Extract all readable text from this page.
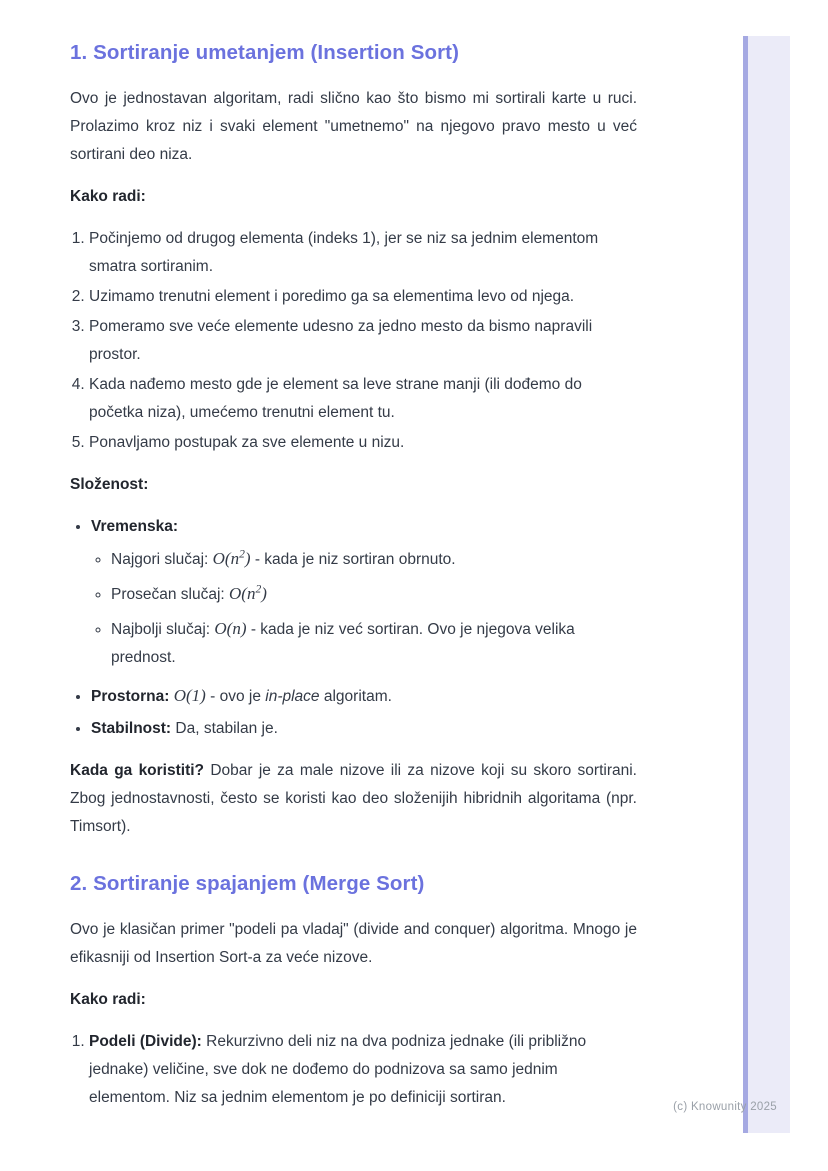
1. Sortiranje umetanjem (Insertion Sort)

Ovo je jednostavan algoritam, radi slično kao što bismo mi sortirali karte u ruci. Prolazimo kroz niz i svaki element "umetnemo" na njegovo pravo mesto u već sortirani deo niza.

Kako radi:

1. Počinjemo od drugog elementa (indeks 1), jer se niz sa jednim elementom smatra sortiranim.
2. Uzimamo trenutni element i poredimo ga sa elementima levo od njega.
3. Pomeramo sve veće elemente udesno za jedno mesto da bismo napravili prostor.
4. Kada nađemo mesto gde je element sa leve strane manji (ili dođemo do početka niza), umećemo trenutni element tu.
5. Ponavljamo postupak za sve elemente u nizu.

Složenost:

• Vremenska:
◦ Najgori slučaj: $O(n^2)$ - kada je niz sortiran obrnuto.
◦ Prosečan slučaj: $O(n^2)$
◦ Najbolji slučaj: O(n) - kada je niz već sortiran. Ovo je njegova velika prednost.
• Prostorna: O(1) - ovo je in-place algoritam.
• Stabilnost: Da, stabilan je.

Kada ga koristiti? Dobar je za male nizove ili za nizove koji su skoro sortirani. Zbog jednostavnosti, često se koristi kao deo složenijih hibridnih algoritama (npr. Timsort).

2. Sortiranje spajanjem (Merge Sort)

Ovo je klasičan primer "podeli pa vladaj" (divide and conquer) algoritma. Mnogo je efikasniji od Insertion Sort-a za veće nizove.

Kako radi:

1. Podeli (Divide): Rekurzivno deli niz na dva podniza jednake (ili približno jednake) veličine, sve dok ne dođemo do podnizova sa samo jednim elementom. Niz sa jednim elementom je po definiciji sortiran.
(c) Knowunity 2025
